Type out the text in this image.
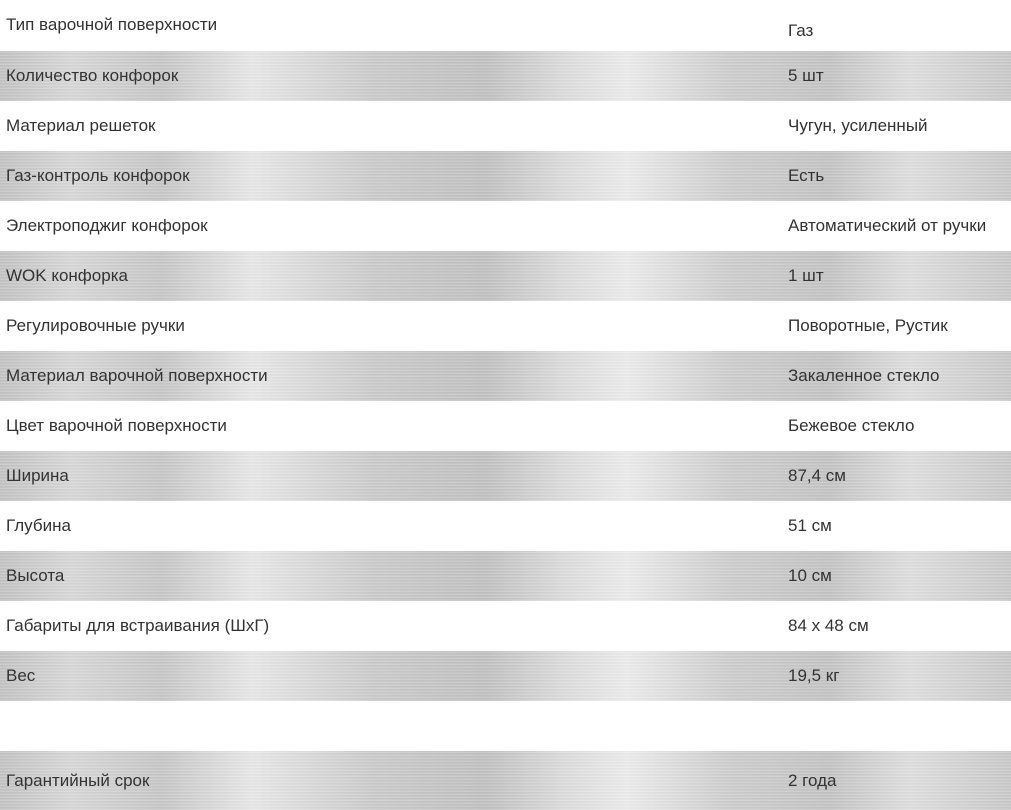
Тип варочной поверхности	Газ
Количество конфорок	5 шт
Материал решеток	Чугун, усиленный
Газ-контроль конфорок	Есть
Электроподжиг конфорок	Автоматический от ручки
WOK конфорка	1 шт
Регулировочные ручки	Поворотные, Рустик
Материал варочной поверхности	Закаленное стекло
Цвет варочной поверхности	Бежевое стекло
Ширина	87,4 см
Глубина	51 см
Высота	10 см
Габариты для встраивания (ШxГ)	84 х 48 см
Вес	19,5 кг
Гарантийный срок	2 года
